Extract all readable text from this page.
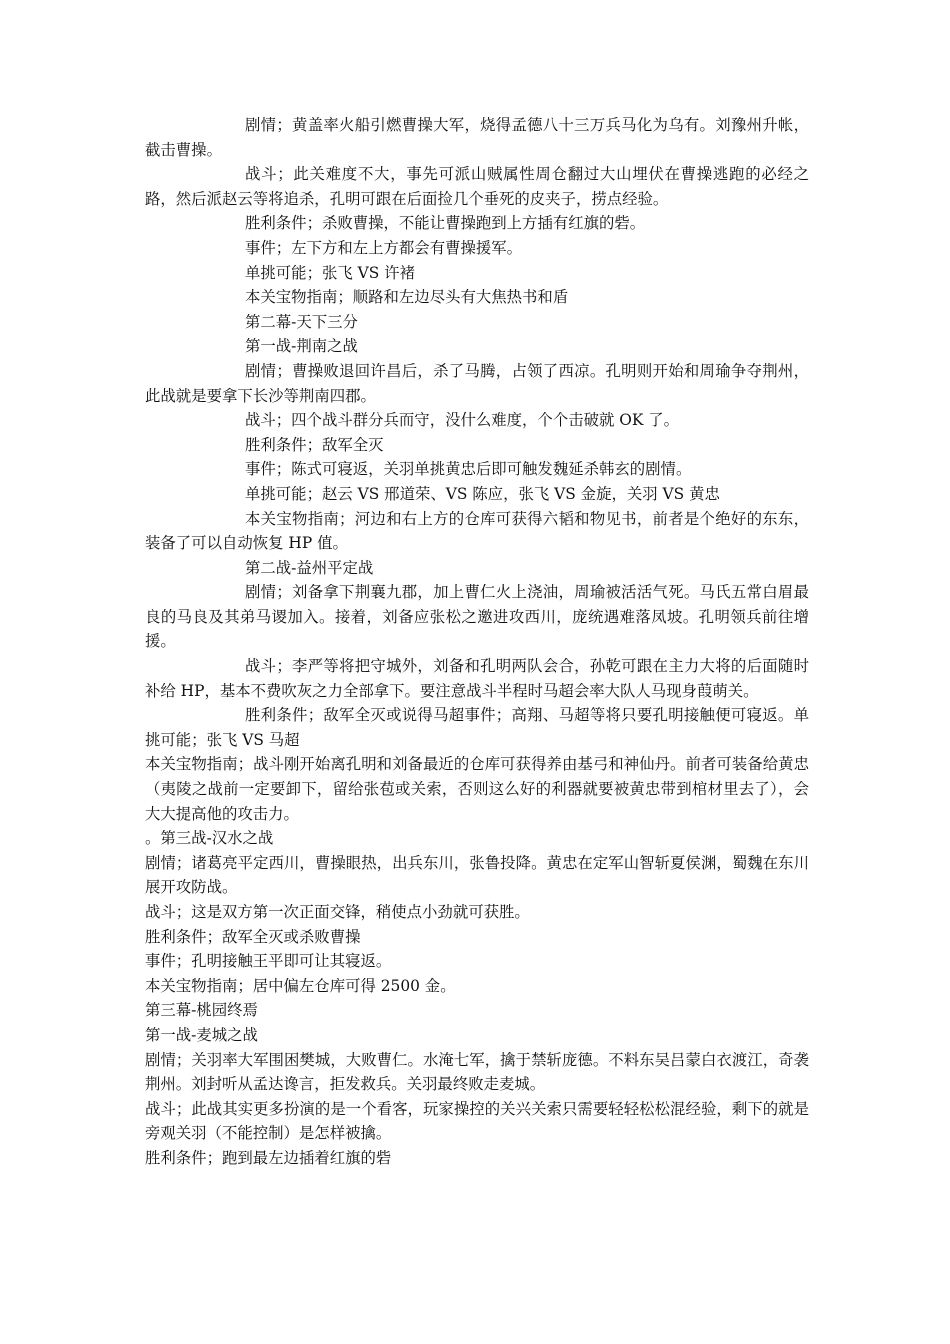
剧情；黄盖率火船引燃曹操大军，烧得孟德八十三万兵马化为乌有。刘豫州升帐，截击曹操。

战斗；此关难度不大，事先可派山贼属性周仓翻过大山埋伏在曹操逃跑的必经之路，然后派赵云等将追杀，孔明可跟在后面捡几个垂死的皮夹子，捞点经验。

胜利条件；杀败曹操，不能让曹操跑到上方插有红旗的砦。

事件；左下方和左上方都会有曹操援军。

单挑可能；张飞 VS 许褚

本关宝物指南；顺路和左边尽头有大焦热书和盾

第二幕-天下三分

第一战-荆南之战

剧情；曹操败退回许昌后，杀了马腾，占领了西凉。孔明则开始和周瑜争夺荆州，此战就是要拿下长沙等荆南四郡。

战斗；四个战斗群分兵而守，没什么难度，个个击破就 OK 了。

胜利条件；敌军全灭

事件；陈式可寝返，关羽单挑黄忠后即可触发魏延杀韩玄的剧情。

单挑可能；赵云 VS 邢道荣、VS 陈应，张飞 VS 金旋，关羽 VS 黄忠

本关宝物指南；河边和右上方的仓库可获得六韬和物见书，前者是个绝好的东东，装备了可以自动恢复 HP 值。

第二战-益州平定战

剧情；刘备拿下荆襄九郡，加上曹仁火上浇油，周瑜被活活气死。马氏五常白眉最良的马良及其弟马谡加入。接着，刘备应张松之邀进攻西川，庞统遇难落凤坡。孔明领兵前往增援。

战斗；李严等将把守城外，刘备和孔明两队会合，孙乾可跟在主力大将的后面随时补给 HP，基本不费吹灰之力全部拿下。要注意战斗半程时马超会率大队人马现身葭萌关。

胜利条件；敌军全灭或说得马超事件；高翔、马超等将只要孔明接触便可寝返。单挑可能；张飞 VS 马超

本关宝物指南；战斗刚开始离孔明和刘备最近的仓库可获得养由基弓和神仙丹。前者可装备给黄忠（夷陵之战前一定要卸下，留给张苞或关索，否则这么好的利器就要被黄忠带到棺材里去了），会大大提高他的攻击力。

。第三战-汉水之战

剧情；诸葛亮平定西川，曹操眼热，出兵东川，张鲁投降。黄忠在定军山智斩夏侯渊，蜀魏在东川展开攻防战。

战斗；这是双方第一次正面交锋，稍使点小劲就可获胜。

胜利条件；敌军全灭或杀败曹操

事件；孔明接触王平即可让其寝返。

本关宝物指南；居中偏左仓库可得 2500 金。

第三幕-桃园终焉

第一战-麦城之战

剧情；关羽率大军围困樊城，大败曹仁。水淹七军，擒于禁斩庞德。不料东吴吕蒙白衣渡江，奇袭荆州。刘封听从孟达谗言，拒发救兵。关羽最终败走麦城。

战斗；此战其实更多扮演的是一个看客，玩家操控的关兴关索只需要轻轻松松混经验，剩下的就是旁观关羽（不能控制）是怎样被擒。

胜利条件；跑到最左边插着红旗的砦
